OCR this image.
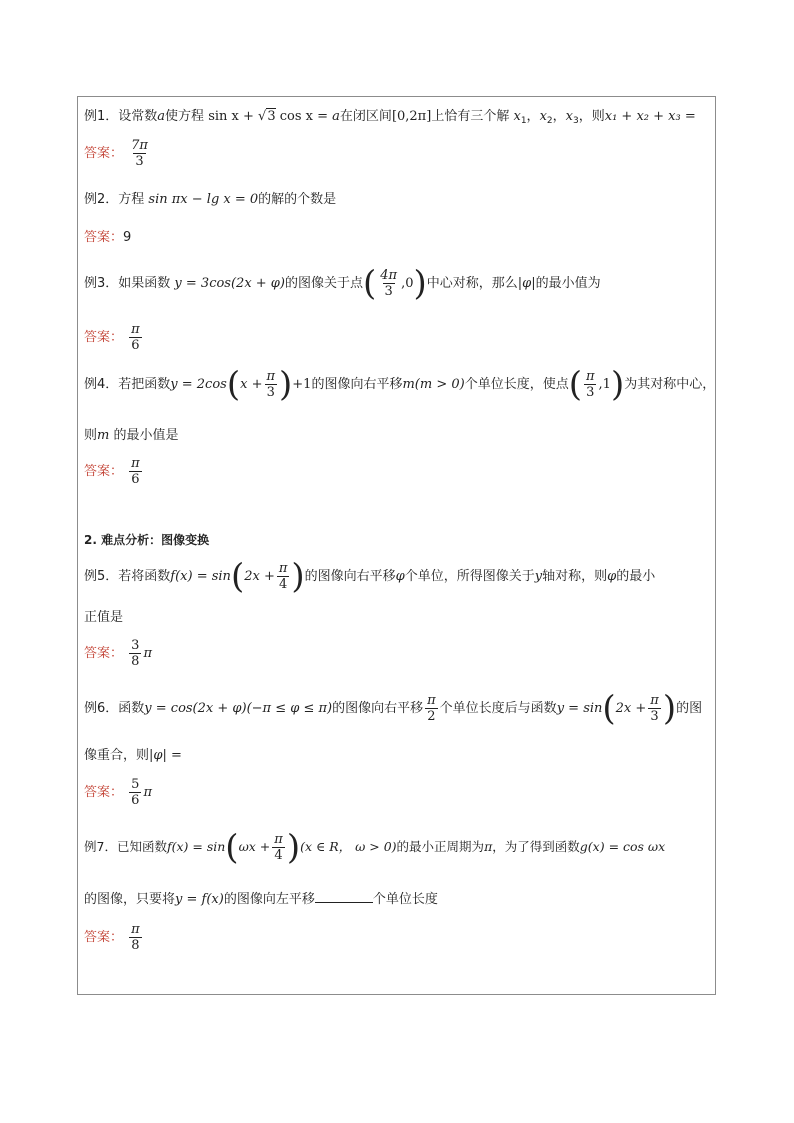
例1．设常数a使方程 sin x + √3 cos x = a在闭区间[0,2π]上恰有三个解 $x_1$，$x_2$，$x_3$，则x₁ + x₂ + x₃ =
答案： $\frac{7\pi}{3}$
例2．方程 sin πx − lg x = 0的解的个数是
答案：9
例3．如果函数 y = 3cos(2x + φ)的图像关于点( $\frac{4\pi}{3} ,0$)中心对称，那么|φ|的最小值为
答案： $\frac{\pi}{6}$
例4．若把函数$y = 2\cos(x + \frac{\pi}{3} )+1$的图像向右平移m(m > 0)个单位长度，使点( $\frac{\pi}{3} ,1$)为其对称中心，
则m 的最小值是
答案： $\frac{\pi}{6}$
2. 难点分析：图像变换
例5．若将函数$f(x) = \sin(2x + \frac{\pi}{4}$ )的图像向右平移φ个单位，所得图像关于y轴对称，则φ的最小
正值是
答案： $\frac{3}{8}$ π
例6．函数y = cos(2x + φ)(−π ≤ φ ≤ π)的图像向右平移 $\frac{\pi}{2}$ 个单位长度后与函数$y = \sin(2x + \frac{\pi}{3}$ )的图
像重合，则|φ| =
答案： $\frac{5}{6}$ π
例7．已知函数$f(x) = \sin(\omega x + \frac{\pi}{4} )(x$ ∈ R， ω > 0)的最小正周期为π，为了得到函数g(x) = cos ωx
的图像，只要将y = f(x)的图像向左平移	个单位长度
答案： $\frac{\pi}{8}$
